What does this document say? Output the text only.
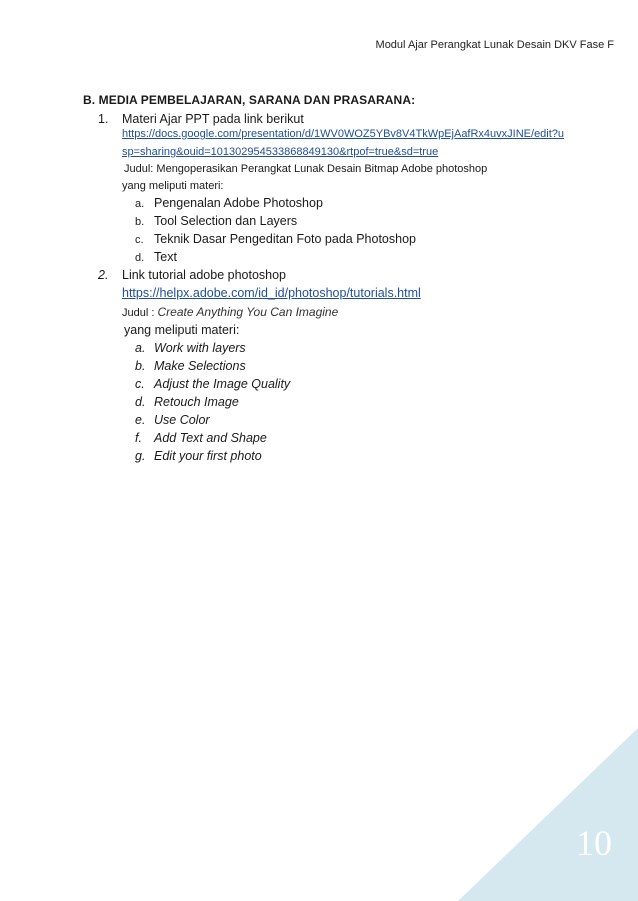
Modul Ajar Perangkat Lunak Desain DKV Fase F
B. MEDIA PEMBELAJARAN, SARANA DAN PRASARANA:
1. Materi Ajar PPT pada link berikut
https://docs.google.com/presentation/d/1WV0WOZ5YBv8V4TkWpEjAafRx4uvxJINE/edit?u
sp=sharing&ouid=101302954533868849130&rtpof=true&sd=true
Judul: Mengoperasikan Perangkat Lunak Desain Bitmap Adobe photoshop
yang meliputi materi:
a. Pengenalan Adobe Photoshop
b. Tool Selection dan Layers
c. Teknik Dasar Pengeditan Foto pada Photoshop
d. Text
2. Link tutorial adobe photoshop
https://helpx.adobe.com/id_id/photoshop/tutorials.html
Judul : Create Anything You Can Imagine
yang meliputi materi:
a. Work with layers
b. Make Selections
c. Adjust the Image Quality
d. Retouch Image
e. Use Color
f. Add Text and Shape
g. Edit your first photo
10
